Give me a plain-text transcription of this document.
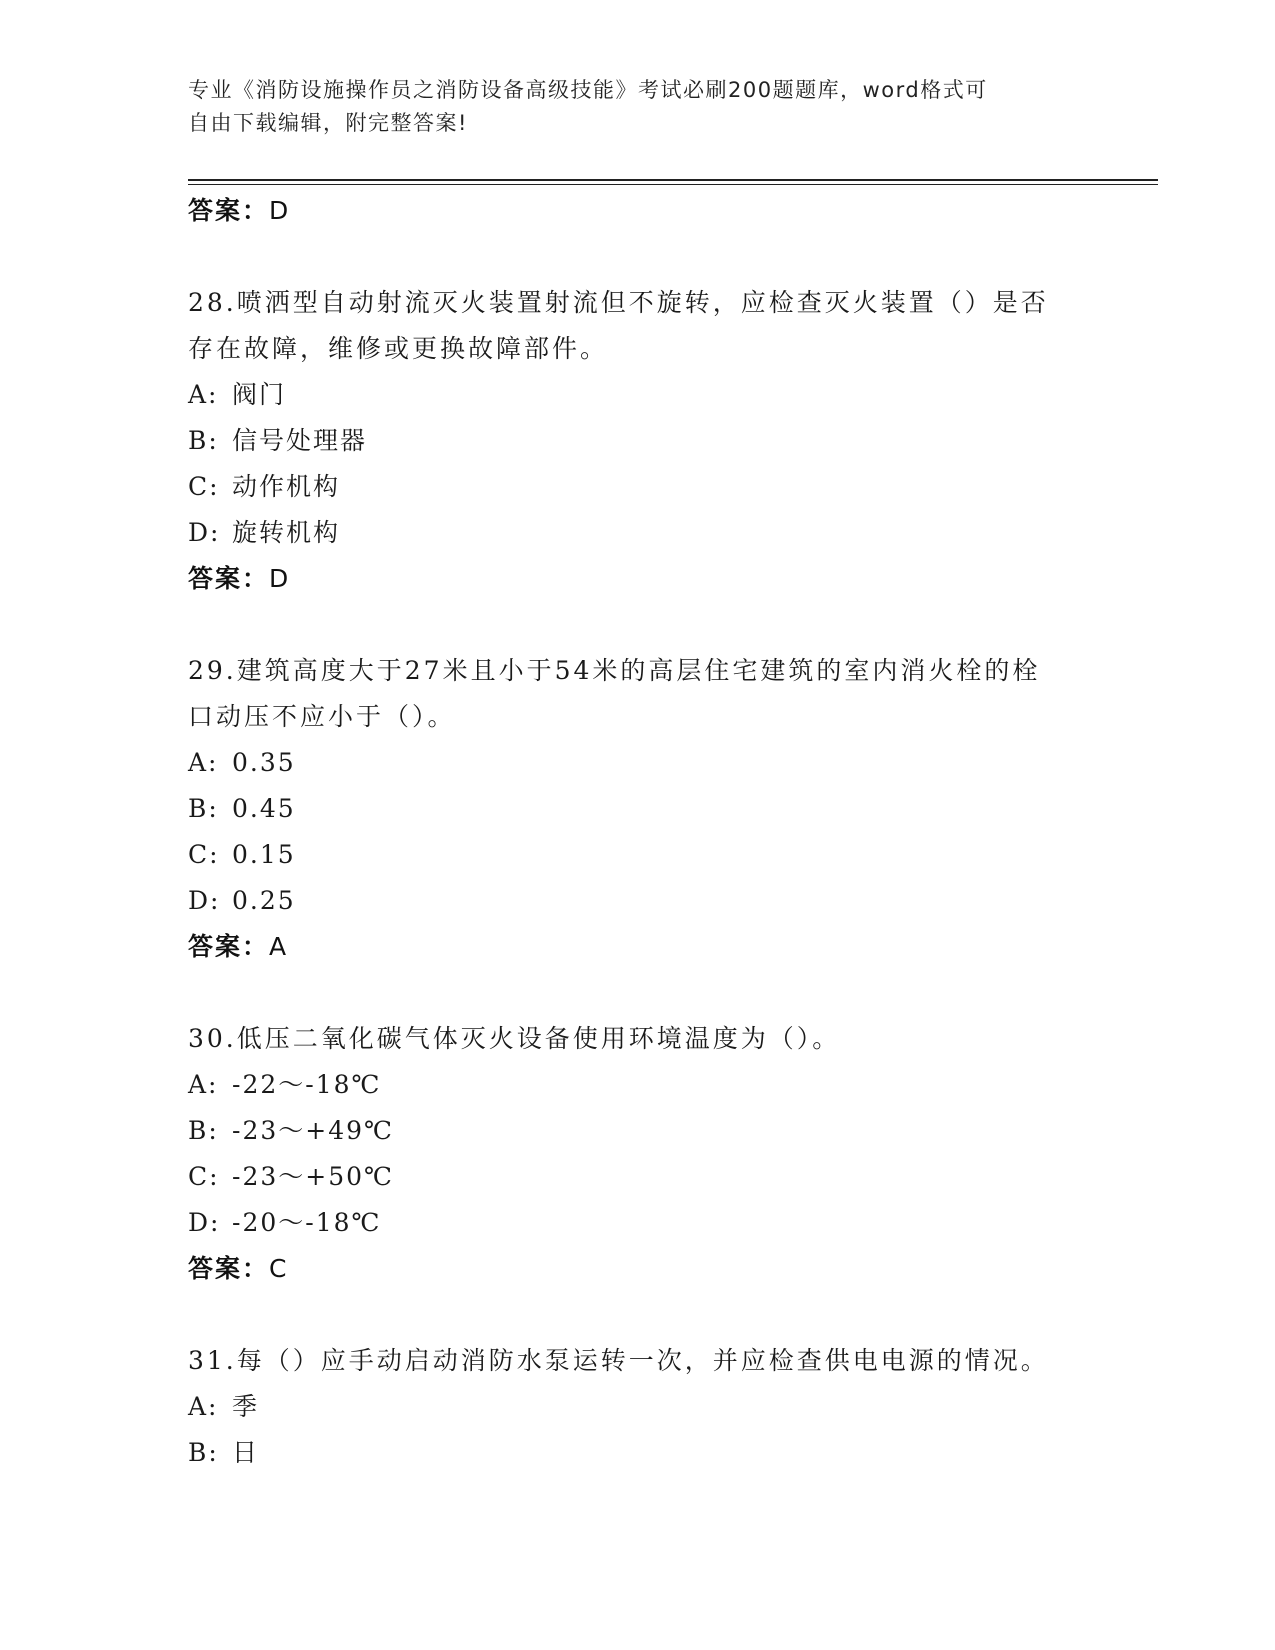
专业《消防设施操作员之消防设备高级技能》考试必刷200题题库，word格式可
自由下载编辑，附完整答案!
答案：D
28.喷洒型自动射流灭火装置射流但不旋转，应检查灭火装置（）是否
存在故障，维修或更换故障部件。
A: 阀门
B: 信号处理器
C: 动作机构
D: 旋转机构
答案：D
29.建筑高度大于27米且小于54米的高层住宅建筑的室内消火栓的栓
口动压不应小于（）。
A: 0.35
B: 0.45
C: 0.15
D: 0.25
答案：A
30.低压二氧化碳气体灭火设备使用环境温度为（）。
A: -22～-18℃
B: -23～+49℃
C: -23～+50℃
D: -20～-18℃
答案：C
31.每（）应手动启动消防水泵运转一次，并应检查供电电源的情况。
A: 季
B: 日
